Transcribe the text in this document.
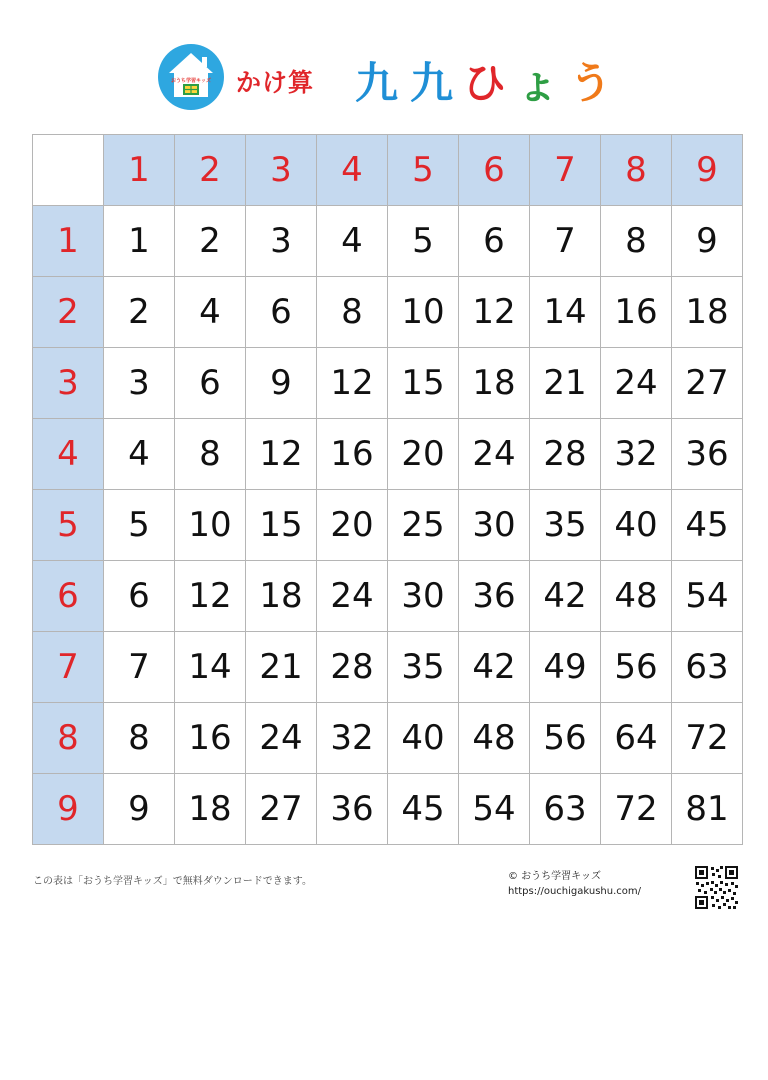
おうち学習キッズ かけ算 九 九 ひ ょ う
	1	2	3	4	5	6	7	8	9
1	1	2	3	4	5	6	7	8	9
2	2	4	6	8	10	12	14	16	18
3	3	6	9	12	15	18	21	24	27
4	4	8	12	16	20	24	28	32	36
5	5	10	15	20	25	30	35	40	45
6	6	12	18	24	30	36	42	48	54
7	7	14	21	28	35	42	49	56	63
8	8	16	24	32	40	48	56	64	72
9	9	18	27	36	45	54	63	72	81
この表は「おうち学習キッズ」で無料ダウンロードできます。	© おうち学習キッズ
https://ouchigakushu.com/
